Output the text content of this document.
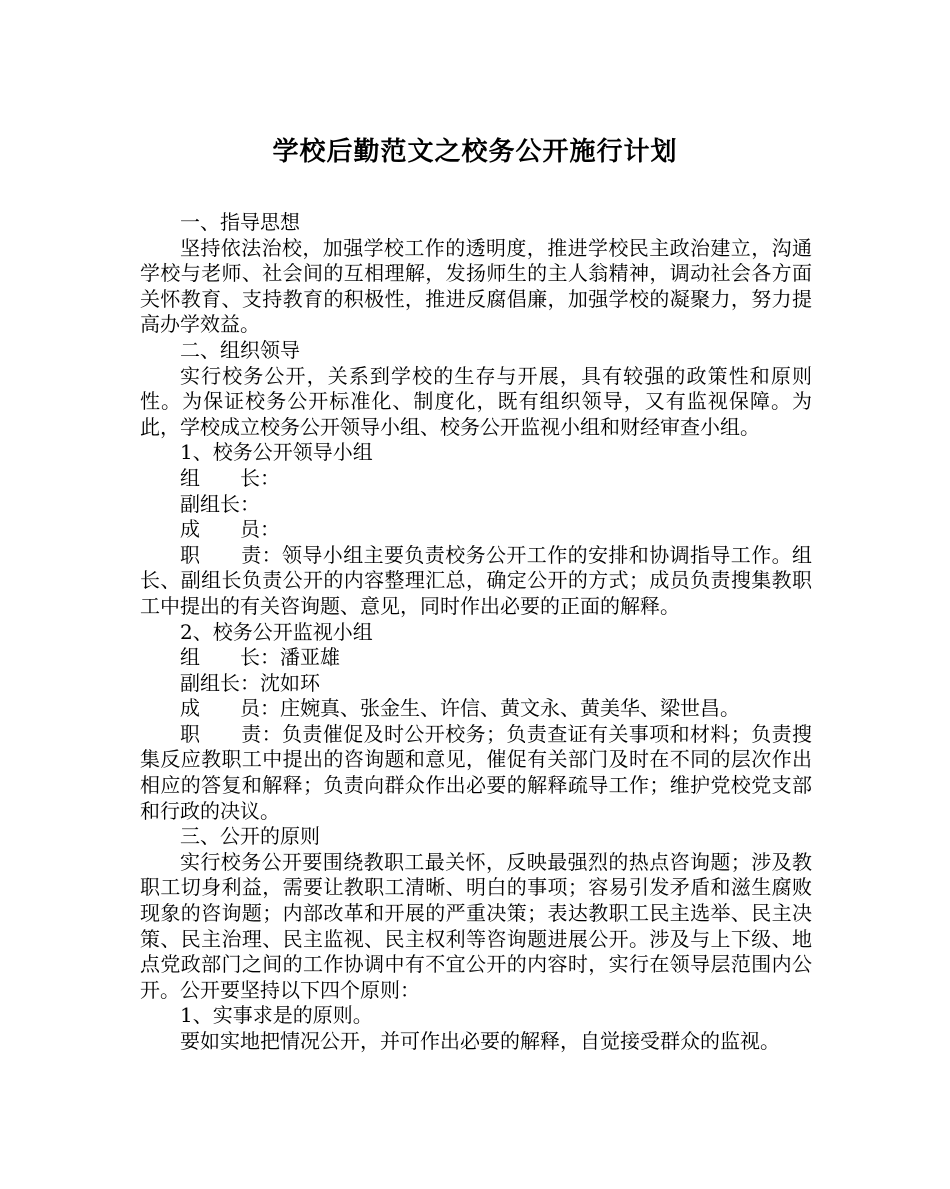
学校后勤范文之校务公开施行计划

一、指导思想

坚持依法治校，加强学校工作的透明度，推进学校民主政治建立，沟通学校与老师、社会间的互相理解，发扬师生的主人翁精神，调动社会各方面关怀教育、支持教育的积极性，推进反腐倡廉，加强学校的凝聚力，努力提高办学效益。

二、组织领导

实行校务公开，关系到学校的生存与开展，具有较强的政策性和原则性。为保证校务公开标准化、制度化，既有组织领导，又有监视保障。为此，学校成立校务公开领导小组、校务公开监视小组和财经审查小组。

1、校务公开领导小组

组　　长：

副组长：

成　　员：

职　　责：领导小组主要负责校务公开工作的安排和协调指导工作。组长、副组长负责公开的内容整理汇总，确定公开的方式；成员负责搜集教职工中提出的有关咨询题、意见，同时作出必要的正面的解释。

2、校务公开监视小组

组　　长：潘亚雄

副组长：沈如环

成　　员：庄婉真、张金生、许信、黄文永、黄美华、梁世昌。

职　　责：负责催促及时公开校务；负责查证有关事项和材料；负责搜集反应教职工中提出的咨询题和意见，催促有关部门及时在不同的层次作出相应的答复和解释；负责向群众作出必要的解释疏导工作；维护党校党支部和行政的决议。

三、公开的原则

实行校务公开要围绕教职工最关怀，反映最强烈的热点咨询题；涉及教职工切身利益，需要让教职工清晰、明白的事项；容易引发矛盾和滋生腐败现象的咨询题；内部改革和开展的严重决策；表达教职工民主选举、民主决策、民主治理、民主监视、民主权利等咨询题进展公开。涉及与上下级、地点党政部门之间的工作协调中有不宜公开的内容时，实行在领导层范围内公开。公开要坚持以下四个原则：

1、实事求是的原则。

要如实地把情况公开，并可作出必要的解释，自觉接受群众的监视。
